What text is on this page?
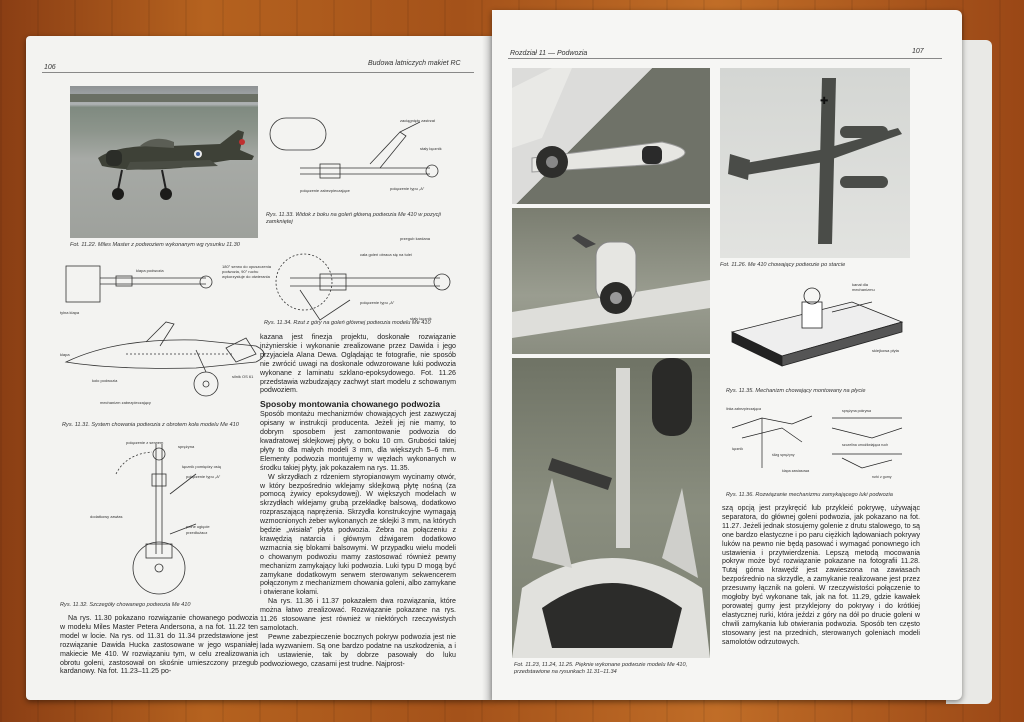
106
Budowa latniczych makiet RC
Fot. 11.22. Miles Master z podwoziem wykonanym wg rysunku 11.30
klapa podwozia
180° serwo do opuszczenia
podwozia, 90° ruchu
wykorzystuje do otwierania
tylna klapa
klapa
koło podwozia
silnik OS 61
mechanizm zabezpieczający
Rys. 11.31. System chowania podwozia z obrotem koła modelu Me 410
połączenie z serwem
sprężyna
łącznik pomiędzy osią
połączenie typu „A”
dodatkowy zawias
pełne ugięcie
przedłużacz
Rys. 11.32. Szczegóły chowanego podwozia Me 410

Na rys. 11.30 pokazano rozwiązanie chowanego podwozia w modelu Miles Master Petera Andersona, a na fot. 11.22 ten model w locie. Na rys. od 11.31 do 11.34 przedstawione jest rozwiązanie Dawida Hucka zastosowane w jego wspaniałej makiecie Me 410. W rozwiązaniu tym, w celu zrealizowania obrotu goleni, zastosował on skośnie umieszczony przegub kardanowy. Na fot. 11.23–11.25 po-

zaciągnięty zastrzał
stały łącznik
połączenie zabezpieczające	połączenie typu „A”
Rys. 11.33. Widok z boku na goleń główną podwozia Me 410 w pozycji zamkniętej
przegub kardana
cała goleń obraca się na tulei
połączenie typu „A”
stały łącznik
Rys. 11.34. Rzut z góry na goleń głównej podwozia modelu Me 410

kazana jest finezja projektu, doskonałe rozwiązanie inżynierskie i wykonanie zrealizowane przez Dawida i jego przyjaciela Alana Dewa. Oglądając te fotografie, nie sposób nie zwrócić uwagi na doskonale odwzorowane luki podwozia wykonane z laminatu szklano-epoksydowego. Fot. 11.26 przedstawia wzbudzający zachwyt start modelu z schowanym podwoziem.

Sposoby montowania chowanego podwozia

Sposób montażu mechanizmów chowających jest zazwyczaj opisany w instrukcji producenta. Jeżeli jej nie mamy, to dobrym sposobem jest zamontowanie podwozia do kwadratowej sklejkowej płyty, o boku 10 cm. Grubości takiej płyty to dla małych modeli 3 mm, dla większych 5–6 mm. Elementy podwozia montujemy w węzłach wykonanych w środku takiej płyty, jak pokazałem na rys. 11.35.

W skrzydłach z rdzeniem styropianowym wycinamy otwór, w który bezpośrednio wklejamy sklejkową płytę nośną (za pomocą żywicy epoksydowej). W większych modelach w skrzydłach wklejamy grubą przekładkę balsową, dodatkowo rozpraszającą naprężenia. Skrzydła konstrukcyjne wymagają wzmocnionych żeber wykonanych ze sklejki 3 mm, na których będzie „wisiała” płyta podwozia. Żebra na połączeniu z krawędzią natarcia i głównym dźwigarem dodatkowo wzmacnia się blokami balsowymi. W przypadku wielu modeli o chowanym podwoziu mamy zastosować również pewny mechanizm zamykający luki podwozia. Luki typu D mogą być zamykane dodatkowym serwem sterowanym sekwencerem połączonym z mechanizmem chowania goleni, albo zamykane i otwierane kołami.

Na rys. 11.36 i 11.37 pokazałem dwa rozwiązania, które można łatwo zrealizować. Rozwiązanie pokazane na rys. 11.26 stosowane jest również w niektórych rzeczywistych samolotach.

Pewne zabezpieczenie bocznych pokryw podwozia jest nie lada wyzwaniem. Są one bardzo podatne na uszkodzenia, a i ich ustawienie, tak by dobrze pasowały do luku podwoziowego, czasami jest trudne. Najprost-

Rozdział 11 — Podwozia	107
Fot. 11.23, 11.24, 11.25. Pięknie wykonane podwozie modelu Me 410, przedstawione na rysunkach 11.31–11.34
✚
Fot. 11.26. Me 410 chowający podwozie po starcie
kanał dla
mechanizmu
sklejkowa płyta
Rys. 11.35. Mechanizm chowający montowany na płycie
linka zabezpieczająca
łącznik
ślizg sprężyny
klapa zawiasowa
sprężyna pokrywa
szczelina umożliwiająca ruch
rurki z gumy
Rys. 11.36. Rozwiązanie mechanizmu zamykającego luki podwozia

szą opcją jest przykręcić lub przykleić pokrywę, używając separatora, do głównej goleni podwozia, jak pokazano na fot. 11.27. Jeżeli jednak stosujemy golenie z drutu stalowego, to są one bardzo elastyczne i po paru ciężkich lądowaniach pokrywy luków na pewno nie będą pasować i wymagać ponownego ich ustawienia i przytwierdzenia. Lepszą metodą mocowania pokryw może być rozwiązanie pokazane na fotografii 11.28. Tutaj górna krawędź jest zawieszona na zawiasach bezpośrednio na skrzydle, a zamykanie realizowane jest przez przesuwny łącznik na goleni. W rzeczywistości połączenie to mogłoby być wykonane tak, jak na fot. 11.29, gdzie kawałek porowatej gumy jest przyklejony do pokrywy i do krótkiej elastycznej rurki, która jeździ z góry na dół po drucie goleni w chwili zamykania lub otwierania podwozia. Sposób ten często stosowany jest na przednich, sterowanych goleniach modeli samolotów odrzutowych.
